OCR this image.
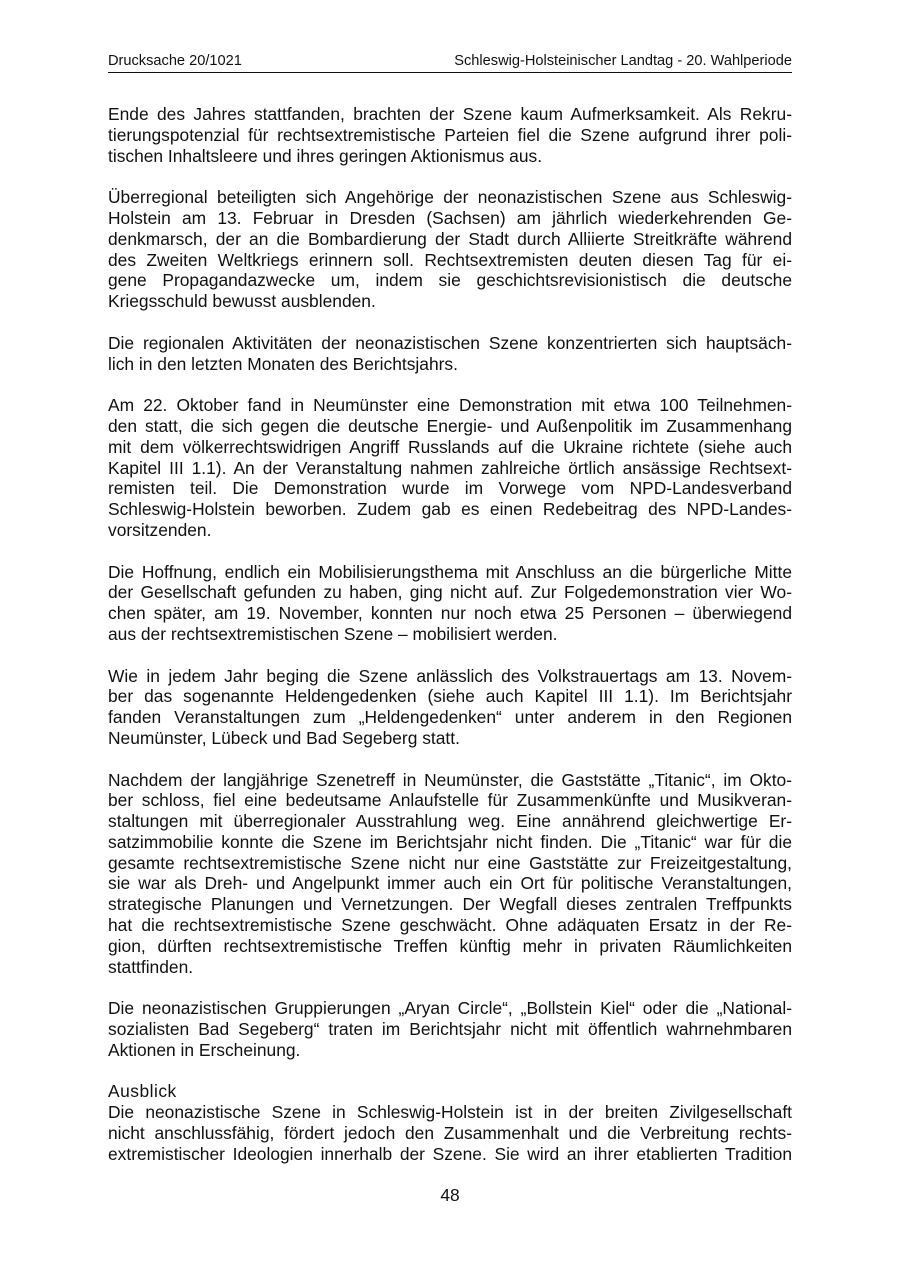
Drucksache 20/1021	Schleswig-Holsteinischer Landtag - 20. Wahlperiode

Ende des Jahres stattfanden, brachten der Szene kaum Aufmerksamkeit. Als Rekru-
tierungspotenzial für rechtsextremistische Parteien fiel die Szene aufgrund ihrer poli-
tischen Inhaltsleere und ihres geringen Aktionismus aus.

Überregional beteiligten sich Angehörige der neonazistischen Szene aus Schleswig-
Holstein am 13. Februar in Dresden (Sachsen) am jährlich wiederkehrenden Ge-
denkmarsch, der an die Bombardierung der Stadt durch Alliierte Streitkräfte während
des Zweiten Weltkriegs erinnern soll. Rechtsextremisten deuten diesen Tag für ei-
gene Propagandazwecke um, indem sie geschichtsrevisionistisch die deutsche
Kriegsschuld bewusst ausblenden.

Die regionalen Aktivitäten der neonazistischen Szene konzentrierten sich hauptsäch-
lich in den letzten Monaten des Berichtsjahrs.

Am 22. Oktober fand in Neumünster eine Demonstration mit etwa 100 Teilnehmen-
den statt, die sich gegen die deutsche Energie- und Außenpolitik im Zusammenhang
mit dem völkerrechtswidrigen Angriff Russlands auf die Ukraine richtete (siehe auch
Kapitel III 1.1). An der Veranstaltung nahmen zahlreiche örtlich ansässige Rechtsext-
remisten teil. Die Demonstration wurde im Vorwege vom NPD-Landesverband
Schleswig-Holstein beworben. Zudem gab es einen Redebeitrag des NPD-Landes-
vorsitzenden.

Die Hoffnung, endlich ein Mobilisierungsthema mit Anschluss an die bürgerliche Mitte
der Gesellschaft gefunden zu haben, ging nicht auf. Zur Folgedemonstration vier Wo-
chen später, am 19. November, konnten nur noch etwa 25 Personen – überwiegend
aus der rechtsextremistischen Szene – mobilisiert werden.

Wie in jedem Jahr beging die Szene anlässlich des Volkstrauertags am 13. Novem-
ber das sogenannte Heldengedenken (siehe auch Kapitel III 1.1). Im Berichtsjahr
fanden Veranstaltungen zum „Heldengedenken“ unter anderem in den Regionen
Neumünster, Lübeck und Bad Segeberg statt.

Nachdem der langjährige Szenetreff in Neumünster, die Gaststätte „Titanic“, im Okto-
ber schloss, fiel eine bedeutsame Anlaufstelle für Zusammenkünfte und Musikveran-
staltungen mit überregionaler Ausstrahlung weg. Eine annährend gleichwertige Er-
satzimmobilie konnte die Szene im Berichtsjahr nicht finden. Die „Titanic“ war für die
gesamte rechtsextremistische Szene nicht nur eine Gaststätte zur Freizeitgestaltung,
sie war als Dreh- und Angelpunkt immer auch ein Ort für politische Veranstaltungen,
strategische Planungen und Vernetzungen. Der Wegfall dieses zentralen Treffpunkts
hat die rechtsextremistische Szene geschwächt. Ohne adäquaten Ersatz in der Re-
gion, dürften rechtsextremistische Treffen künftig mehr in privaten Räumlichkeiten
stattfinden.

Die neonazistischen Gruppierungen „Aryan Circle“, „Bollstein Kiel“ oder die „National-
sozialisten Bad Segeberg“ traten im Berichtsjahr nicht mit öffentlich wahrnehmbaren
Aktionen in Erscheinung.

Ausblick

Die neonazistische Szene in Schleswig-Holstein ist in der breiten Zivilgesellschaft
nicht anschlussfähig, fördert jedoch den Zusammenhalt und die Verbreitung rechts-
extremistischer Ideologien innerhalb der Szene. Sie wird an ihrer etablierten Tradition

48
